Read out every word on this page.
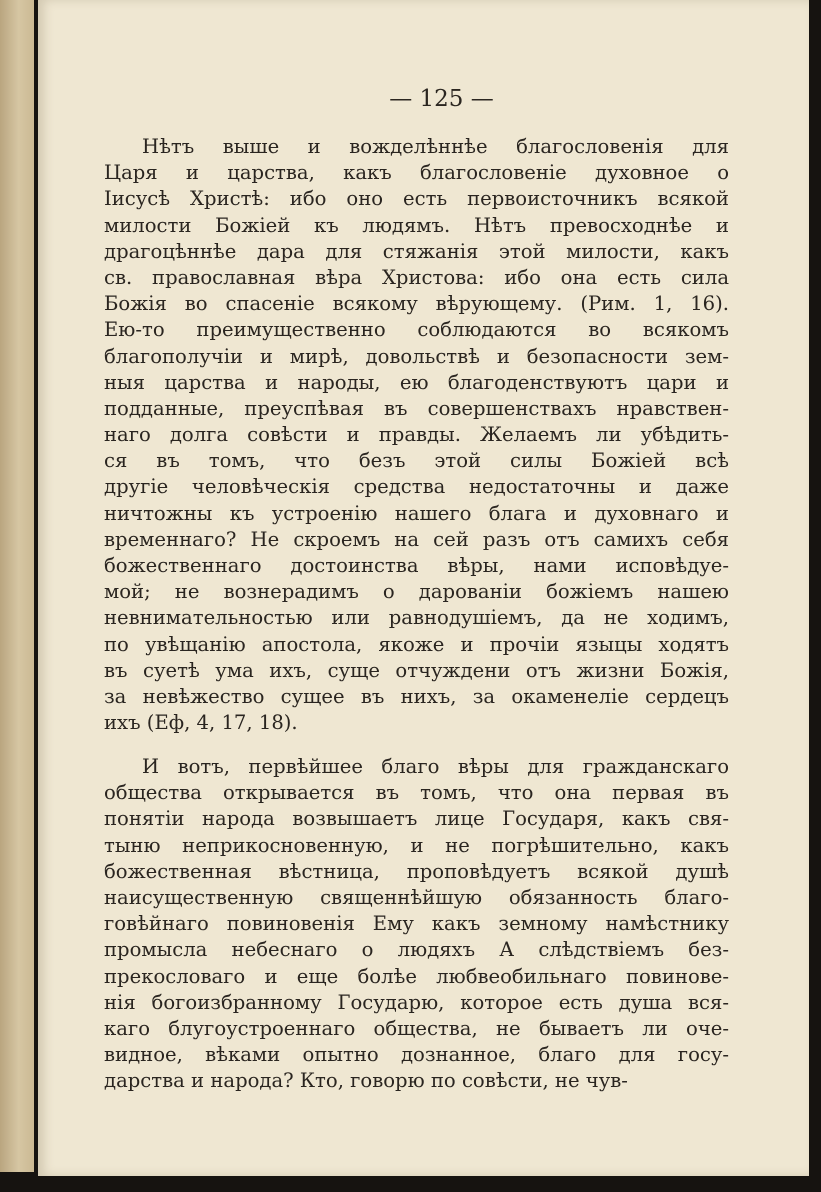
— 125 —
Нѣтъ выше и вожделѣннѣе благословенія для
Царя и царства, какъ благословеніе духовное о
Іисусѣ Христѣ: ибо оно есть первоисточникъ всякой
милости Божіей къ людямъ. Нѣтъ превосходнѣе и
драгоцѣннѣе дара для стяжанія этой милости, какъ
св. православная вѣра Христова: ибо она есть сила
Божія во спасеніе всякому вѣрующему. (Рим. 1, 16).
Ею-то преимущественно соблюдаются во всякомъ
благополучіи и мирѣ, довольствѣ и безопасности зем-
ныя царства и народы, ею благоденствуютъ цари и
подданные, преуспѣвая въ совершенствахъ нравствен-
наго долга совѣсти и правды. Желаемъ ли убѣдить-
ся въ томъ, что безъ этой силы Божіей всѣ
другіе человѣческія средства недостаточны и даже
ничтожны къ устроенію нашего блага и духовнаго и
временнаго? Не скроемъ на сей разъ отъ самихъ себя
божественнаго достоинства вѣры, нами исповѣдуе-
мой; не вознерадимъ о дарованіи божіемъ нашею
невнимательностью или равнодушіемъ, да не ходимъ,
по увѣщанію апостола, якоже и прочіи языцы ходятъ
въ суетѣ ума ихъ, суще отчуждени отъ жизни Божія,
за невѣжество сущее въ нихъ, за окаменеліе сердецъ
ихъ (Еф, 4, 17, 18).
И вотъ, первѣйшее благо вѣры для гражданскаго
общества открывается въ томъ, что она первая въ
понятіи народа возвышаетъ лице Государя, какъ свя-
тыню неприкосновенную, и не погрѣшительно, какъ
божественная вѣстница, проповѣдуетъ всякой душѣ
наисущественную священнѣйшую обязанность благо-
говѣйнаго повиновенія Ему какъ земному намѣстнику
промысла небеснаго о людяхъ А слѣдствіемъ без-
прекословаго и еще болѣе любвеобильнаго повинове-
нія богоизбранному Государю, которое есть душа вся-
каго блугоустроеннаго общества, не бываетъ ли оче-
видное, вѣками опытно дознанное, благо для госу-
дарства и народа? Кто, говорю по совѣсти, не чув-
